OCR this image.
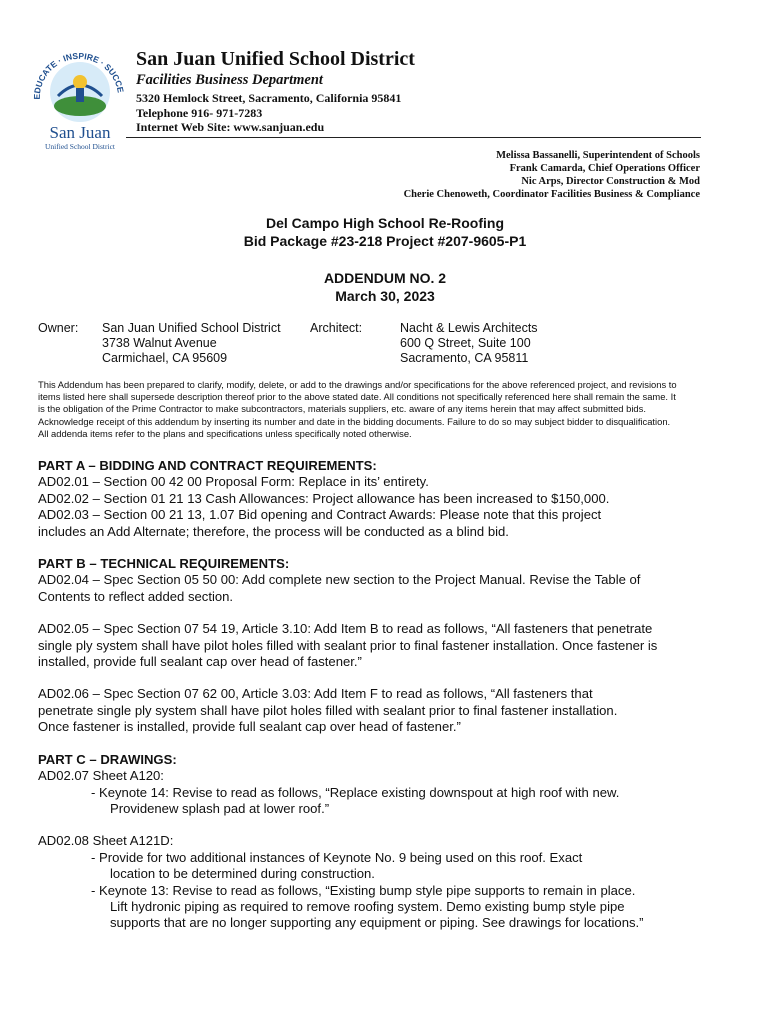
EDUCATE · INSPIRE · SUCCE
San Juan
Unified School District
San Juan Unified School District
Facilities Business Department
5320 Hemlock Street, Sacramento, California 95841
Telephone 916- 971-7283
Internet Web Site: www.sanjuan.edu
Melissa Bassanelli, Superintendent of Schools
Frank Camarda, Chief Operations Officer
Nic Arps, Director Construction & Mod
Cherie Chenoweth, Coordinator Facilities Business & Compliance
Del Campo High School Re-Roofing
Bid Package #23-218 Project #207-9605-P1
ADDENDUM NO. 2
March 30, 2023
Owner: San Juan Unified School District
3738 Walnut Avenue
Carmichael, CA 95609
Architect:	Nacht & Lewis Architects
600 Q Street, Suite 100
Sacramento, CA 95811

This Addendum has been prepared to clarify, modify, delete, or add to the drawings and/or specifications for the above referenced project, and revisions to

items listed here shall supersede description thereof prior to the above stated date. All conditions not specifically referenced here shall remain the same. It

is the obligation of the Prime Contractor to make subcontractors, materials suppliers, etc. aware of any items herein that may affect submitted bids.

Acknowledge receipt of this addendum by inserting its number and date in the bidding documents. Failure to do so may subject bidder to disqualification.

All addenda items refer to the plans and specifications unless specifically noted otherwise.

PART A – BIDDING AND CONTRACT REQUIREMENTS:

AD02.01 – Section 00 42 00 Proposal Form: Replace in its’ entirety.

AD02.02 – Section 01 21 13 Cash Allowances: Project allowance has been increased to $150,000.

AD02.03 – Section 00 21 13, 1.07 Bid opening and Contract Awards: Please note that this project

includes an Add Alternate; therefore, the process will be conducted as a blind bid.

PART B – TECHNICAL REQUIREMENTS:

AD02.04 – Spec Section 05 50 00: Add complete new section to the Project Manual. Revise the Table of

Contents to reflect added section.

AD02.05 – Spec Section 07 54 19, Article 3.10: Add Item B to read as follows, “All fasteners that penetrate

single ply system shall have pilot holes filled with sealant prior to final fastener installation. Once fastener is

installed, provide full sealant cap over head of fastener.”

AD02.06 – Spec Section 07 62 00, Article 3.03: Add Item F to read as follows, “All fasteners that

penetrate single ply system shall have pilot holes filled with sealant prior to final fastener installation.

Once fastener is installed, provide full sealant cap over head of fastener.”

PART C – DRAWINGS:

AD02.07 Sheet A120:

- Keynote 14: Revise to read as follows, “Replace existing downspout at high roof with new.

Providenew splash pad at lower roof.”

AD02.08 Sheet A121D:

- Provide for two additional instances of Keynote No. 9 being used on this roof. Exact

location to be determined during construction.

- Keynote 13: Revise to read as follows, “Existing bump style pipe supports to remain in place.

Lift hydronic piping as required to remove roofing system. Demo existing bump style pipe

supports that are no longer supporting any equipment or piping. See drawings for locations.”
